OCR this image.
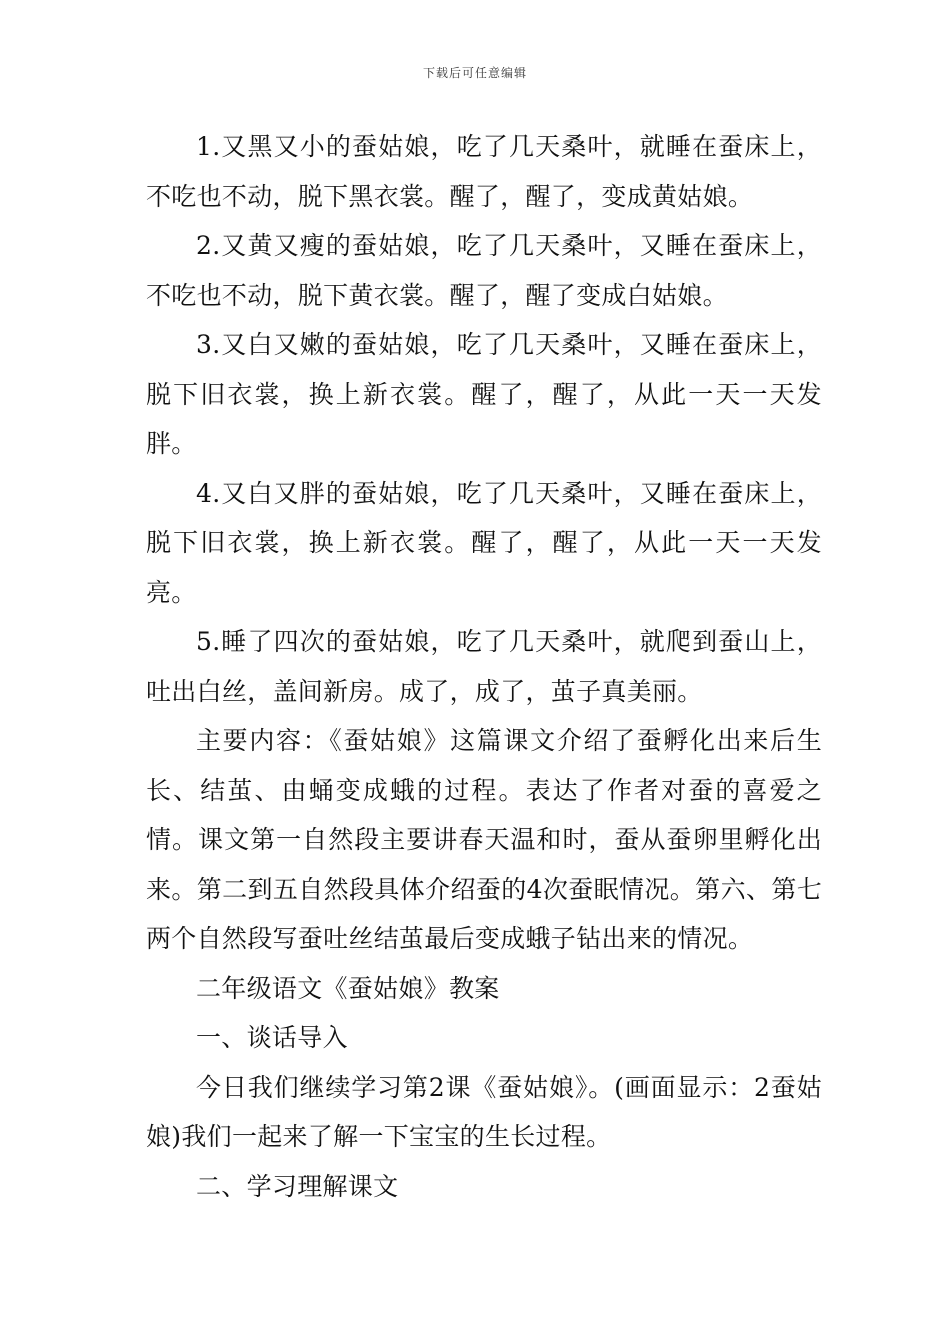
下载后可任意编辑

1.又黑又小的蚕姑娘，吃了几天桑叶，就睡在蚕床上，不吃也不动，脱下黑衣裳。醒了，醒了，变成黄姑娘。

2.又黄又瘦的蚕姑娘，吃了几天桑叶，又睡在蚕床上，不吃也不动，脱下黄衣裳。醒了，醒了变成白姑娘。

3.又白又嫩的蚕姑娘，吃了几天桑叶，又睡在蚕床上，脱下旧衣裳，换上新衣裳。醒了，醒了，从此一天一天发胖。

4.又白又胖的蚕姑娘，吃了几天桑叶，又睡在蚕床上，脱下旧衣裳，换上新衣裳。醒了，醒了，从此一天一天发亮。

5.睡了四次的蚕姑娘，吃了几天桑叶，就爬到蚕山上，吐出白丝，盖间新房。成了，成了，茧子真美丽。

主要内容：《蚕姑娘》这篇课文介绍了蚕孵化出来后生长、结茧、由蛹变成蛾的过程。表达了作者对蚕的喜爱之情。课文第一自然段主要讲春天温和时，蚕从蚕卵里孵化出来。第二到五自然段具体介绍蚕的4次蚕眠情况。第六、第七两个自然段写蚕吐丝结茧最后变成蛾子钻出来的情况。

二年级语文《蚕姑娘》教案

一、谈话导入

今日我们继续学习第2课《蚕姑娘》。(画面显示：2蚕姑娘)我们一起来了解一下宝宝的生长过程。

二、学习理解课文
